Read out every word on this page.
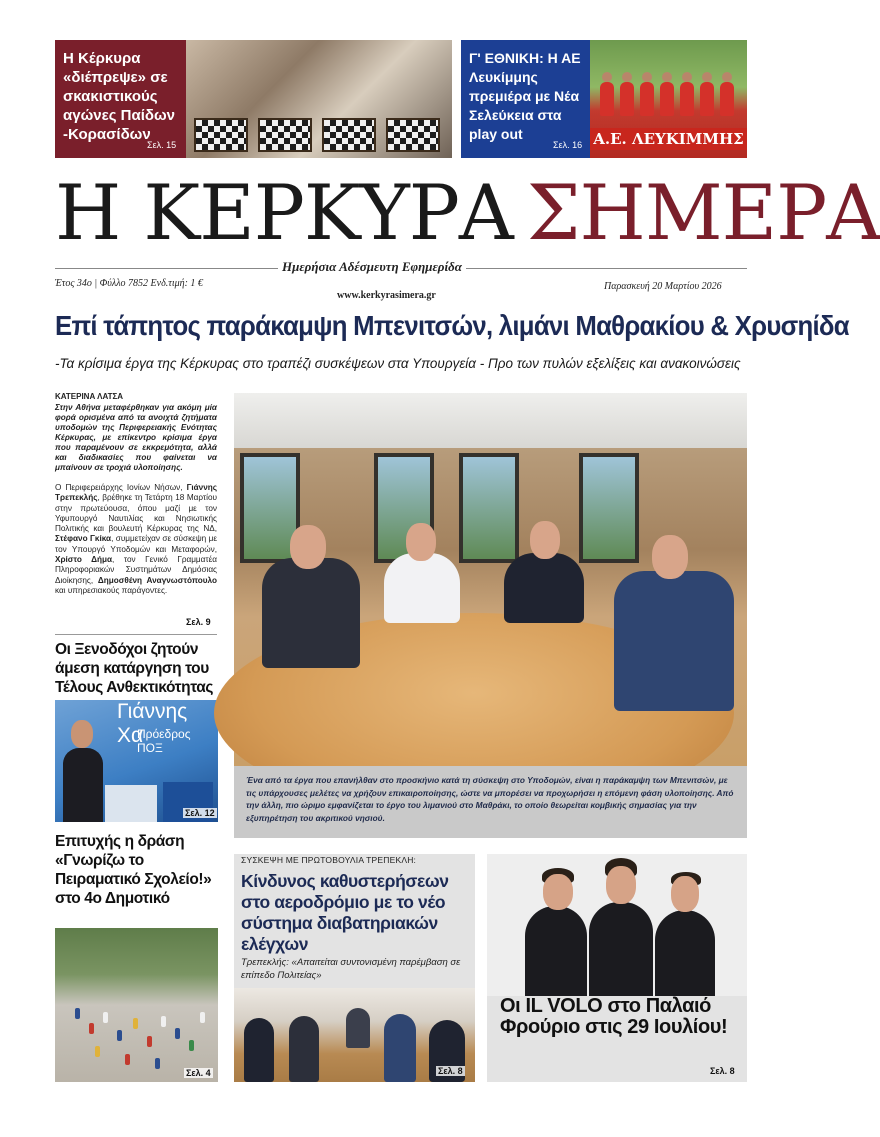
Η Κέρκυρα «διέπρεψε» σε σκακιστικούς αγώνες Παίδων -Κορασίδων
Σελ. 15
Γ' ΕΘΝΙΚΗ: Η ΑΕ Λευκίμμης πρεμιέρα με Νέα Σελεύκεια στα play out
Σελ. 16 Α.Ε. ΛΕΥΚΙΜΜΗΣ
Η ΚΕΡΚΥΡΑ ΣΗΜΕΡΑ
Ημερήσια Αδέσμευτη Εφημερίδα
Έτος 34ο | Φύλλο 7852 Ενδ.τιμή: 1 €
www.kerkyrasimera.gr
Παρασκευή 20 Μαρτίου 2026
Επί τάπητος παράκαμψη Μπενιτσών, λιμάνι Μαθρακίου & Χρυσηίδα
-Τα κρίσιμα έργα της Κέρκυρας στο τραπέζι συσκέψεων στα Υπουργεία - Προ των πυλών εξελίξεις και ανακοινώσεις
ΚΑΤΕΡΙΝΑ ΛΑΤΣΑ
Στην Αθήνα μεταφέρθηκαν για ακόμη μία φορά ορισμένα από τα ανοιχτά ζητήματα υποδομών της Περιφερειακής Ενότητας Κέρκυρας, με επίκεντρο κρίσιμα έργα που παραμένουν σε εκκρεμότητα, αλλά και διαδικασίες που φαίνεται να μπαίνουν σε τροχιά υλοποίησης.
Ο Περιφερειάρχης Ιονίων Νήσων, Γιάννης Τρεπεκλής, βρέθηκε τη Τετάρτη 18 Μαρτίου στην πρωτεύουσα, όπου μαζί με τον Υφυπουργό Ναυτιλίας και Νησιωτικής Πολιτικής και βουλευτή Κέρκυρας της ΝΔ, Στέφανο Γκίκα, συμμετείχαν σε σύσκεψη με τον Υπουργό Υποδομών και Μεταφορών, Χρίστο Δήμα, τον Γενικό Γραμματέα Πληροφοριακών Συστημάτων Δημόσιας Διοίκησης, Δημοσθένη Αναγνωστόπουλο και υπηρεσιακούς παράγοντες.
Σελ. 9
Οι Ξενοδόχοι ζητούν άμεση κατάργηση του Τέλους Ανθεκτικότητας
Γιάννης Χα
Πρόεδρος ΠΟΞ
Σελ. 12
Επιτυχής η δράση «Γνωρίζω το Πειραματικό Σχολείο!» στο 4ο Δημοτικό
Σελ. 4
Ένα από τα έργα που επανήλθαν στο προσκήνιο κατά τη σύσκεψη στο Υποδομών, είναι η παράκαμψη των Μπενιτσών, με τις υπάρχουσες μελέτες να χρήζουν επικαιροποίησης, ώστε να μπορέσει να προχωρήσει η επόμενη φάση υλοποίησης. Από την άλλη, πιο ώριμο εμφανίζεται το έργο του λιμανιού στο Μαθράκι, το οποίο θεωρείται κομβικής σημασίας για την εξυπηρέτηση του ακριτικού νησιού.
ΣΥΣΚΕΨΗ ΜΕ ΠΡΩΤΟΒΟΥΛΙΑ ΤΡΕΠΕΚΛΗ:
Κίνδυνος καθυστερήσεων στο αεροδρόμιο με το νέο σύστημα διαβατηριακών ελέγχων
Τρεπεκλής: «Απαιτείται συντονισμένη παρέμβαση σε επίπεδο Πολιτείας»
Σελ. 8
Οι IL VOLO στο Παλαιό Φρούριο στις 29 Ιουλίου!
Σελ. 8
